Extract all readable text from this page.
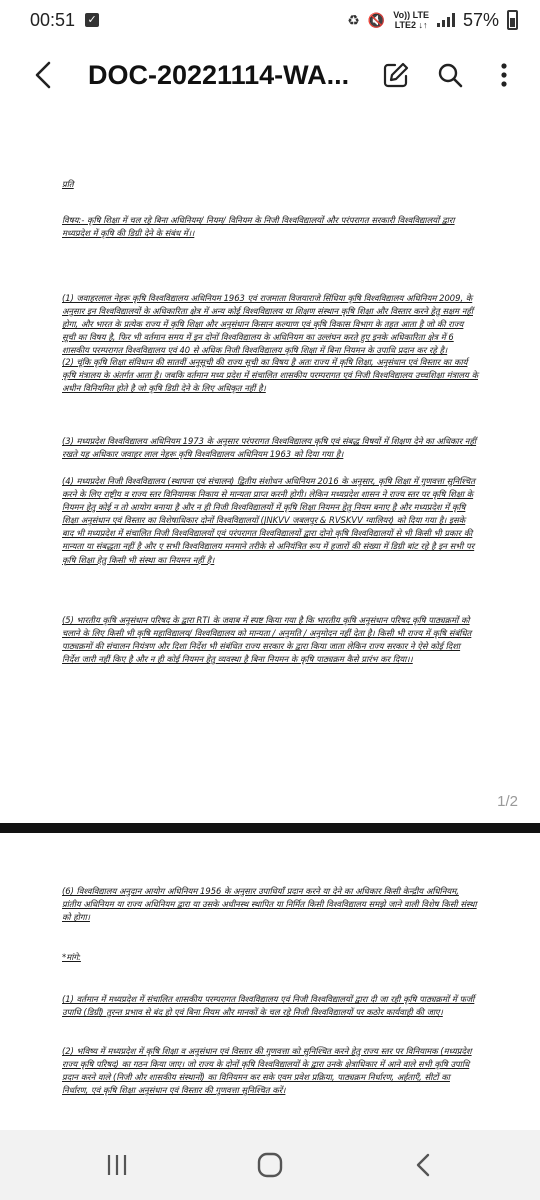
00:51 ✓	♻ 🔇 Vo)) LTE
LTE2 ↓↑ 57%
DOC-20221114-WA...

प्रति

विषय:- कृषि शिक्षा में चल रहे बिना अधिनियम/ नियम/ विनियम के निजी विश्वविद्यालयों और परंपरागत सरकारी विश्वविद्यालयों द्वारा मध्यप्रदेश में कृषि की डिग्री देने के संबंध में।।

(1) जवाहरलाल नेहरू कृषि विश्वविद्यालय अधिनियम 1963 एवं राजमाता विजयाराजे सिंधिया कृषि विश्वविद्यालय अधिनियम 2009, के अनुसार इन विश्वविद्यालयों के अधिकारिता क्षेत्र में अन्य कोई विश्वविद्यालय या शिक्षण संस्थान कृषि शिक्षा और विस्तार करने हेतु सक्षम नहीं होगा, और भारत के प्रत्येक राज्य में कृषि शिक्षा और अनुसंधान किसान कल्याण एवं कृषि विकास विभाग के तहत आता है जो की राज्य सूची का विषय है, फिर भी वर्तमान समय में इन दोनों विश्वविद्यालय के अधिनियम का उल्लंघन करते हुए इनके अधिकारिता क्षेत्र में 6 शासकीय परम्परागत विश्वविद्यालय एवं 40 से अधिक निजी विश्वविद्यालय कृषि शिक्षा में बिना नियमन के उपाधि प्रदान कर रहे है।

(2) चूंकि कृषि शिक्षा संविधान की सातवीं अनुसूची की राज्य सूची का विषय है अतः राज्य में कृषि शिक्षा, अनुसंधान एवं विस्तार का कार्य कृषि मंत्रालय के अंतर्गत आता है। जबकि वर्तमान मध्य प्रदेश में संचालित शासकीय परम्परागत एवं निजी विश्वविद्यालय उच्चशिक्षा मंत्रालय के अधीन विनियमित होते है जो कृषि डिग्री देने के लिए अधिकृत नहीं है।

(3) मध्यप्रदेश विश्वविद्यालय अधिनियम 1973 के अनुसार परंपरागत विश्वविद्यालय कृषि एवं संबद्ध विषयों में शिक्षण देने का अधिकार नहीं रखते यह अधिकार जवाहर लाल नेहरू कृषि विश्वविद्यालय अधिनियम 1963 को दिया गया है।

(4) मध्यप्रदेश निजी विश्वविद्यालय (स्थापना एवं संचालन) द्वितीय संशोधन अधिनियम 2016 के अनुसार, कृषि शिक्षा में गुणवत्ता सुनिश्चित करने के लिए राष्ट्रीय व राज्य स्तर विनियामक निकाय से मान्यता प्राप्त करनी होगी। लेकिन मध्यप्रदेश शासन ने राज्य स्तर पर कृषि शिक्षा के नियमन हेतु कोई न तो आयोग बनाया है और न ही निजी विश्वविद्यालयों में कृषि शिक्षा नियमन हेतु नियम बनाए है और मध्यप्रदेश में कृषि शिक्षा अनुसंधान एवं विस्तार का विशेषाधिकार दोनों विश्वविद्यालयों (JNKVV जबलपुर & RVSKVV ग्वालियर) को दिया गया है। इसके बाद भी मध्यप्रदेश में संचालित निजी विश्वविद्यालयों एवं परंपरागत विश्वविद्यालयों द्वारा दोनो कृषि विश्वविद्यालयों से भी किसी भी प्रकार की मान्यता या संबद्धता नहीं है और ए सभी विश्वविद्यालय मनमाने तरीके से अनियंत्रित रूप में हजारों की संख्या में डिग्री बांट रहे है इन सभी पर कृषि शिक्षा हेतु किसी भी संस्था का नियमन नहीं है।

(5) भारतीय कृषि अनुसंधान परिषद के द्वारा RTI के जवाब में स्पष्ट किया गया है कि भारतीय कृषि अनुसंधान परिषद कृषि पाठ्यक्रमों को चलाने के लिए किसी भी कृषि महाविद्यालय/ विश्वविद्यालय को मान्यता / अनुमति / अनुमोदन नहीं देता है। किसी भी राज्य में कृषि संबंधित पाठ्यक्रमों की संचालन नियंत्रण और दिशा निर्देश भी संबंधित राज्य सरकार के द्वारा किया जाता लेकिन राज्य सरकार ने ऐसे कोई दिशा निर्देश जारी नहीं किए है और न ही कोई नियमन हेतु व्यवस्था है बिना नियमन के कृषि पाठ्यक्रम कैसे प्रारंभ कर दिया।।

1/2

(6) विश्वविद्यालय अनुदान आयोग अधिनियम 1956 के अनुसार उपाधियाँ प्रदान करने या देने का अधिकार किसी केन्द्रीय अधिनियम, प्रांतीय अधिनियम या राज्य अधिनियम द्वारा या उसके अधीनस्थ स्थापित या निर्मित किसी विश्वविद्यालय समझे जाने वाली विशेष किसी संस्था को होगा।

*मांगे:

(1) वर्तमान में मध्यप्रदेश में संचालित शासकीय परम्परागत विश्वविद्यालय एवं निजी विश्वविद्यालयों द्वारा दी जा रही कृषि पाठ्यक्रमों में फर्जी उपाधि (डिग्री) तुरन्त प्रभाव से बंद हो एवं बिना नियम और मानकों के चल रहे निजी विश्वविद्यालयों पर कठोर कार्यवाही की जाए।

(2) भविष्य में मध्यप्रदेश में कृषि शिक्षा व अनुसंधान एवं विस्तार की गुणवत्ता को सुनिश्चित करने हेतु राज्य स्तर पर विनियामक (मध्यप्रदेश राज्य कृषि परिषद) का गठन किया जाए। जो राज्य के दोनों कृषि विश्वविद्यालयों के द्वारा उनके क्षेत्राधिकार में आने वाले सभी कृषि उपाधि प्रदान करने वाले (निजी और शासकीय संस्थानों) का विनियमन कर सके एवम प्रवेश प्रक्रिया, पाठ्यक्रम निर्धारण, अर्हताएँ, सीटों का निर्धारण, एवं कृषि शिक्षा अनुसंधान एवं विस्तार की गुणवत्ता सुनिश्चित करें।
